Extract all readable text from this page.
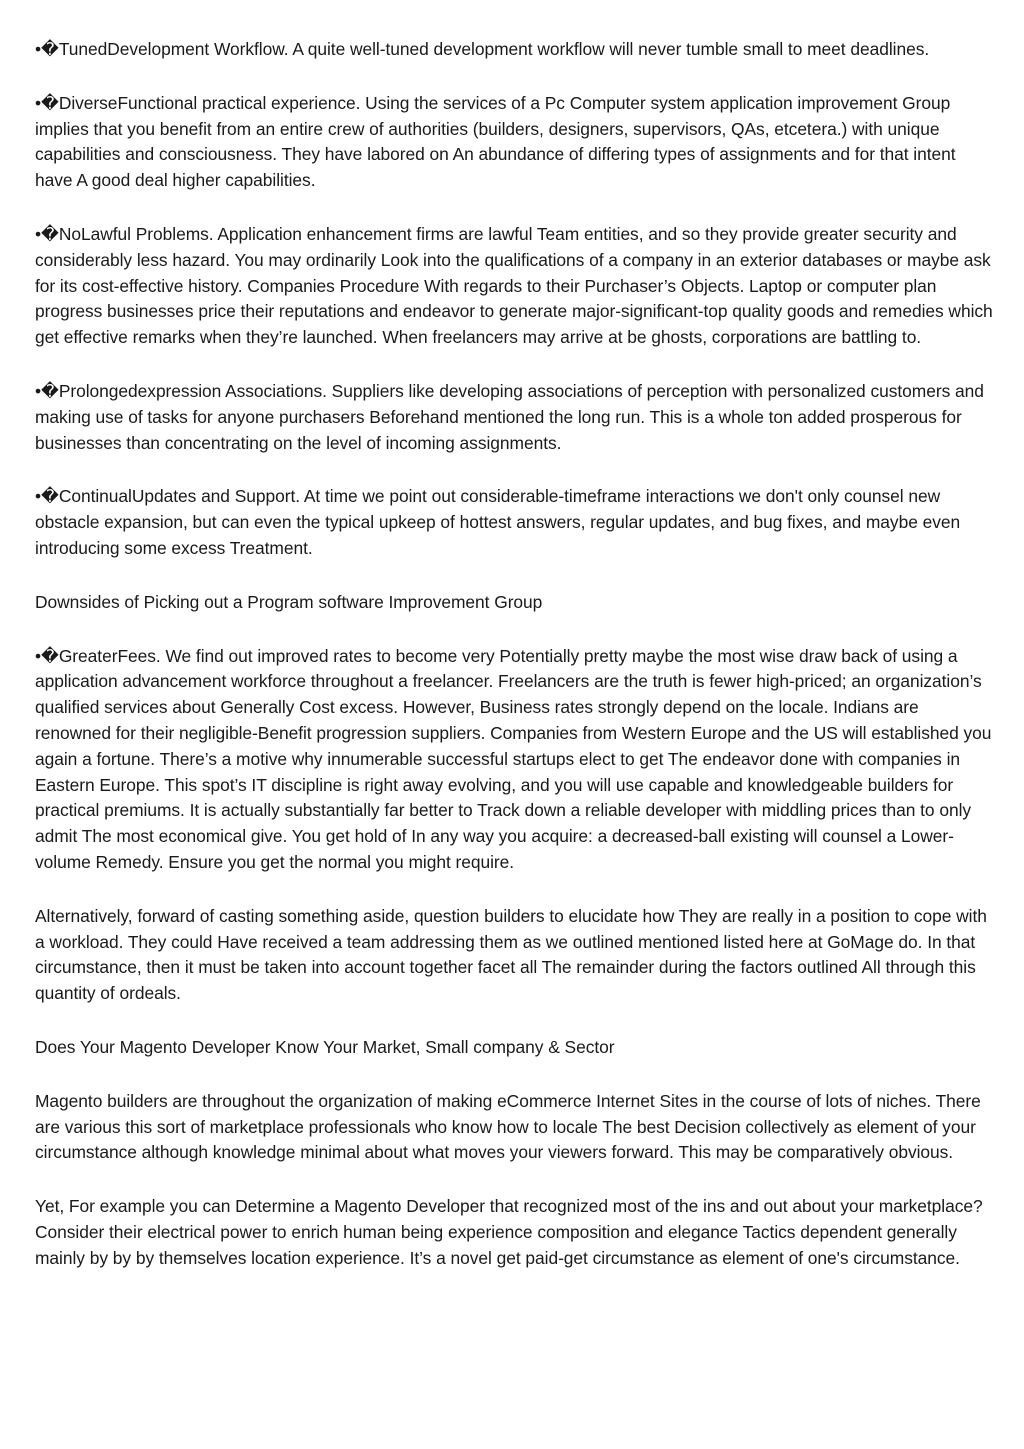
•�TunedDevelopment Workflow. A quite well-tuned development workflow will never tumble small to meet deadlines.

•�DiverseFunctional practical experience. Using the services of a Pc Computer system application improvement Group implies that you benefit from an entire crew of authorities (builders, designers, supervisors, QAs, etcetera.) with unique capabilities and consciousness. They have labored on An abundance of differing types of assignments and for that intent have A good deal higher capabilities.

•�NoLawful Problems. Application enhancement firms are lawful Team entities, and so they provide greater security and considerably less hazard. You may ordinarily Look into the qualifications of a company in an exterior databases or maybe ask for its cost-effective history. Companies Procedure With regards to their Purchaser’s Objects. Laptop or computer plan progress businesses price their reputations and endeavor to generate major-significant-top quality goods and remedies which get effective remarks when they’re launched. When freelancers may arrive at be ghosts, corporations are battling to.

•�Prolongedexpression Associations. Suppliers like developing associations of perception with personalized customers and making use of tasks for anyone purchasers Beforehand mentioned the long run. This is a whole ton added prosperous for businesses than concentrating on the level of incoming assignments.

•�ContinualUpdates and Support. At time we point out considerable-timeframe interactions we don't only counsel new obstacle expansion, but can even the typical upkeep of hottest answers, regular updates, and bug fixes, and maybe even introducing some excess Treatment.

Downsides of Picking out a Program software Improvement Group

•�GreaterFees. We find out improved rates to become very Potentially pretty maybe the most wise draw back of using a application advancement workforce throughout a freelancer. Freelancers are the truth is fewer high-priced; an organization’s qualified services about Generally Cost excess. However, Business rates strongly depend on the locale. Indians are renowned for their negligible-Benefit progression suppliers. Companies from Western Europe and the US will established you again a fortune. There’s a motive why innumerable successful startups elect to get The endeavor done with companies in Eastern Europe. This spot’s IT discipline is right away evolving, and you will use capable and knowledgeable builders for practical premiums. It is actually substantially far better to Track down a reliable developer with middling prices than to only admit The most economical give. You get hold of In any way you acquire: a decreased-ball existing will counsel a Lower-volume Remedy. Ensure you get the normal you might require.

Alternatively, forward of casting something aside, question builders to elucidate how They are really in a position to cope with a workload. They could Have received a team addressing them as we outlined mentioned listed here at GoMage do. In that circumstance, then it must be taken into account together facet all The remainder during the factors outlined All through this quantity of ordeals.

Does Your Magento Developer Know Your Market, Small company & Sector

Magento builders are throughout the organization of making eCommerce Internet Sites in the course of lots of niches. There are various this sort of marketplace professionals who know how to locale The best Decision collectively as element of your circumstance although knowledge minimal about what moves your viewers forward. This may be comparatively obvious.

Yet, For example you can Determine a Magento Developer that recognized most of the ins and out about your marketplace? Consider their electrical power to enrich human being experience composition and elegance Tactics dependent generally mainly by by by themselves location experience. It’s a novel get paid-get circumstance as element of one's circumstance.
